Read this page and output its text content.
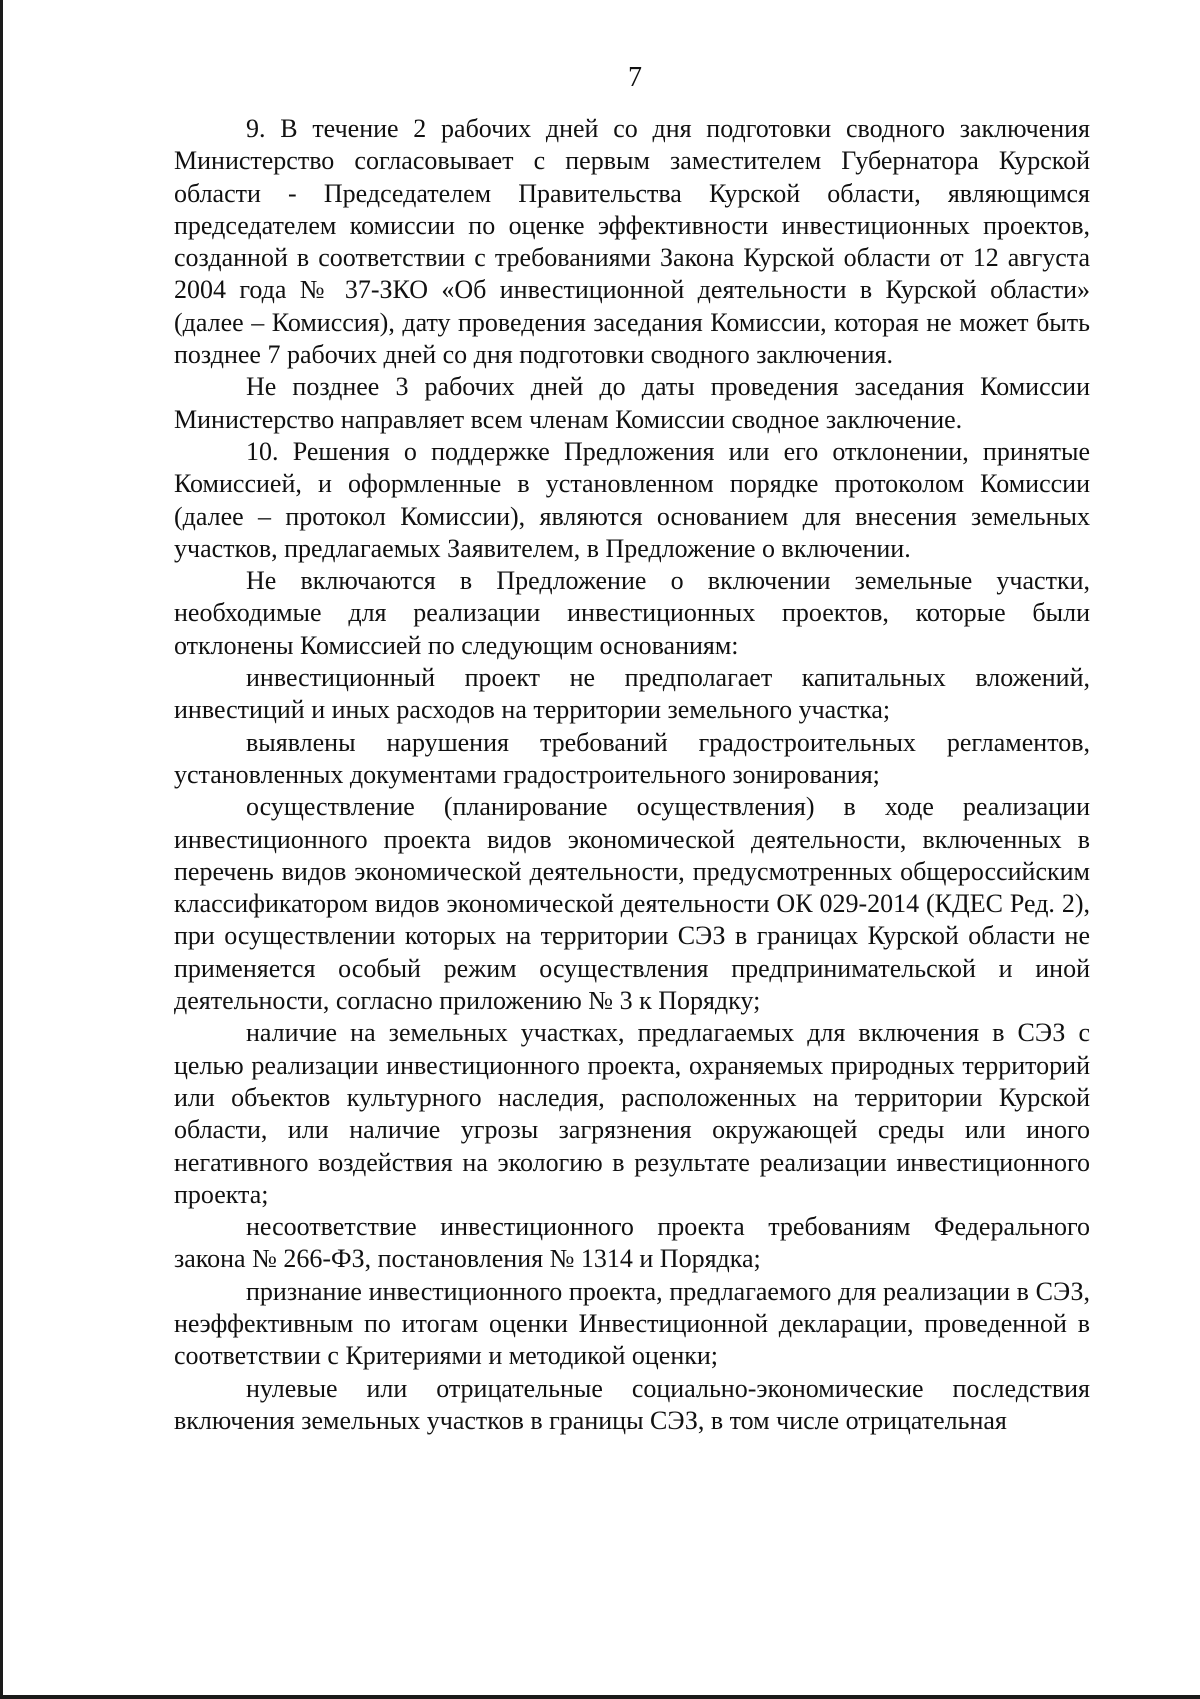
7

9. В течение 2 рабочих дней со дня подготовки сводного заключения Министерство согласовывает с первым заместителем Губернатора Курской области - Председателем Правительства Курской области, являющимся председателем комиссии по оценке эффективности инвестиционных проектов, созданной в соответствии с требованиями Закона Курской области от 12 августа 2004 года № 37-ЗКО «Об инвестиционной деятельности в Курской области» (далее – Комиссия), дату проведения заседания Комиссии, которая не может быть позднее 7 рабочих дней со дня подготовки сводного заключения.

Не позднее 3 рабочих дней до даты проведения заседания Комиссии Министерство направляет всем членам Комиссии сводное заключение.

10. Решения о поддержке Предложения или его отклонении, принятые Комиссией, и оформленные в установленном порядке протоколом Комиссии (далее – протокол Комиссии), являются основанием для внесения земельных участков, предлагаемых Заявителем, в Предложение о включении.

Не включаются в Предложение о включении земельные участки, необходимые для реализации инвестиционных проектов, которые были отклонены Комиссией по следующим основаниям:

инвестиционный проект не предполагает капитальных вложений, инвестиций и иных расходов на территории земельного участка;

выявлены нарушения требований градостроительных регламентов, установленных документами градостроительного зонирования;

осуществление (планирование осуществления) в ходе реализации инвестиционного проекта видов экономической деятельности, включенных в перечень видов экономической деятельности, предусмотренных общероссийским классификатором видов экономической деятельности ОК 029-2014 (КДЕС Ред. 2), при осуществлении которых на территории СЭЗ в границах Курской области не применяется особый режим осуществления предпринимательской и иной деятельности, согласно приложению № 3 к Порядку;

наличие на земельных участках, предлагаемых для включения в СЭЗ с целью реализации инвестиционного проекта, охраняемых природных территорий или объектов культурного наследия, расположенных на территории Курской области, или наличие угрозы загрязнения окружающей среды или иного негативного воздействия на экологию в результате реализации инвестиционного проекта;

несоответствие инвестиционного проекта требованиям Федерального закона № 266-ФЗ, постановления № 1314 и Порядка;

признание инвестиционного проекта, предлагаемого для реализации в СЭЗ, неэффективным по итогам оценки Инвестиционной декларации, проведенной в соответствии с Критериями и методикой оценки;

нулевые или отрицательные социально-экономические последствия включения земельных участков в границы СЭЗ, в том числе отрицательная
